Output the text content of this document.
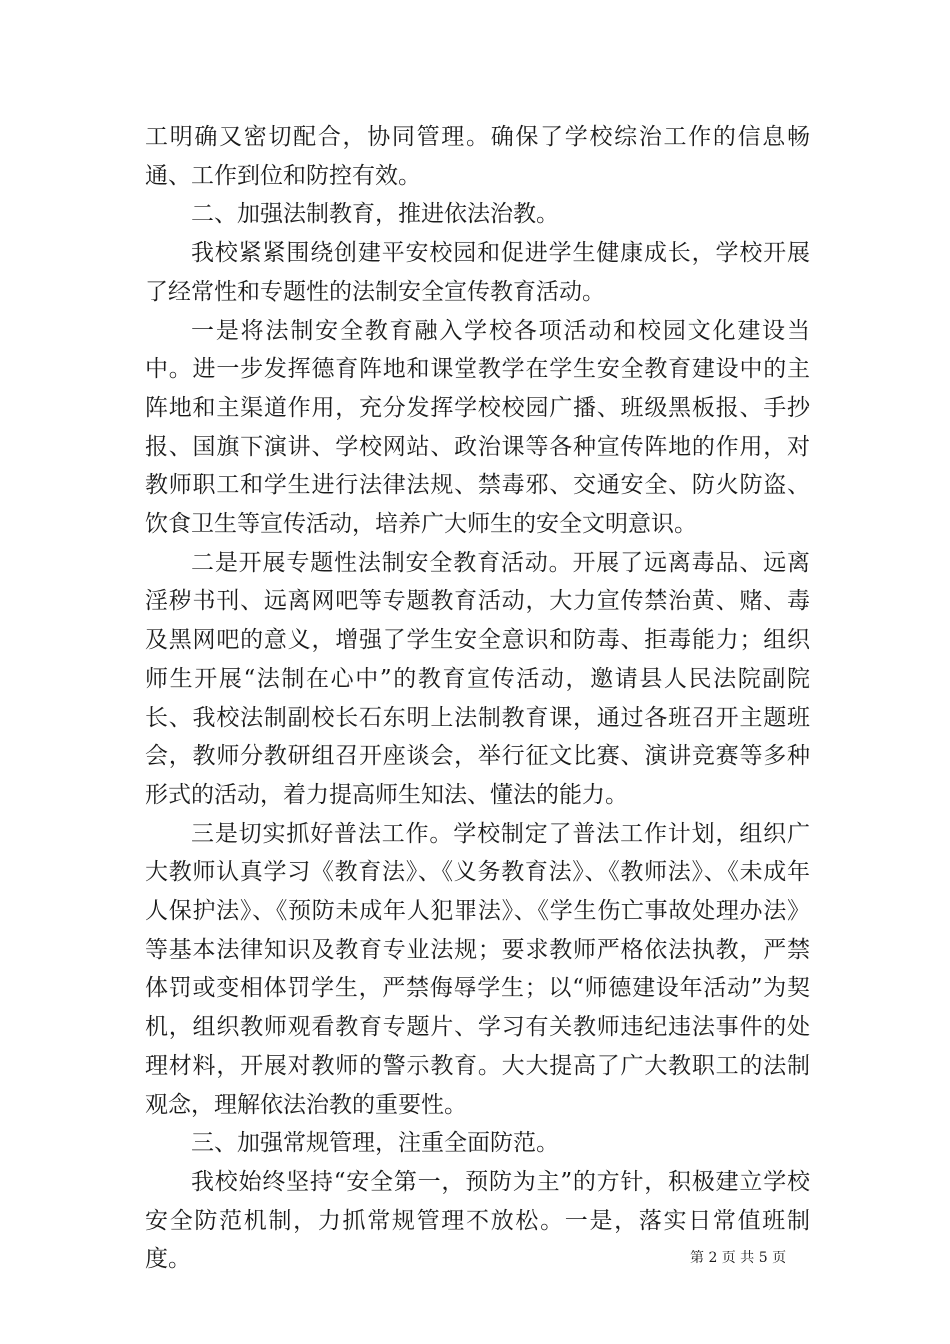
工明确又密切配合，协同管理。确保了学校综治工作的信息畅通、工作到位和防控有效。

二、加强法制教育，推进依法治教。

我校紧紧围绕创建平安校园和促进学生健康成长，学校开展了经常性和专题性的法制安全宣传教育活动。

一是将法制安全教育融入学校各项活动和校园文化建设当中。进一步发挥德育阵地和课堂教学在学生安全教育建设中的主阵地和主渠道作用，充分发挥学校校园广播、班级黑板报、手抄报、国旗下演讲、学校网站、政治课等各种宣传阵地的作用，对教师职工和学生进行法律法规、禁毒邪、交通安全、防火防盗、饮食卫生等宣传活动，培养广大师生的安全文明意识。

二是开展专题性法制安全教育活动。开展了远离毒品、远离淫秽书刊、远离网吧等专题教育活动，大力宣传禁治黄、赌、毒及黑网吧的意义，增强了学生安全意识和防毒、拒毒能力；组织师生开展“法制在心中”的教育宣传活动，邀请县人民法院副院长、我校法制副校长石东明上法制教育课，通过各班召开主题班会，教师分教研组召开座谈会，举行征文比赛、演讲竞赛等多种形式的活动，着力提高师生知法、懂法的能力。

三是切实抓好普法工作。学校制定了普法工作计划，组织广大教师认真学习《教育法》、《义务教育法》、《教师法》、《未成年人保护法》、《预防未成年人犯罪法》、《学生伤亡事故处理办法》等基本法律知识及教育专业法规；要求教师严格依法执教，严禁体罚或变相体罚学生，严禁侮辱学生；以“师德建设年活动”为契机，组织教师观看教育专题片、学习有关教师违纪违法事件的处理材料，开展对教师的警示教育。大大提高了广大教职工的法制观念，理解依法治教的重要性。

三、加强常规管理，注重全面防范。

我校始终坚持“安全第一，预防为主”的方针，积极建立学校安全防范机制，力抓常规管理不放松。一是，落实日常值班制度。	第 2 页 共 5 页
